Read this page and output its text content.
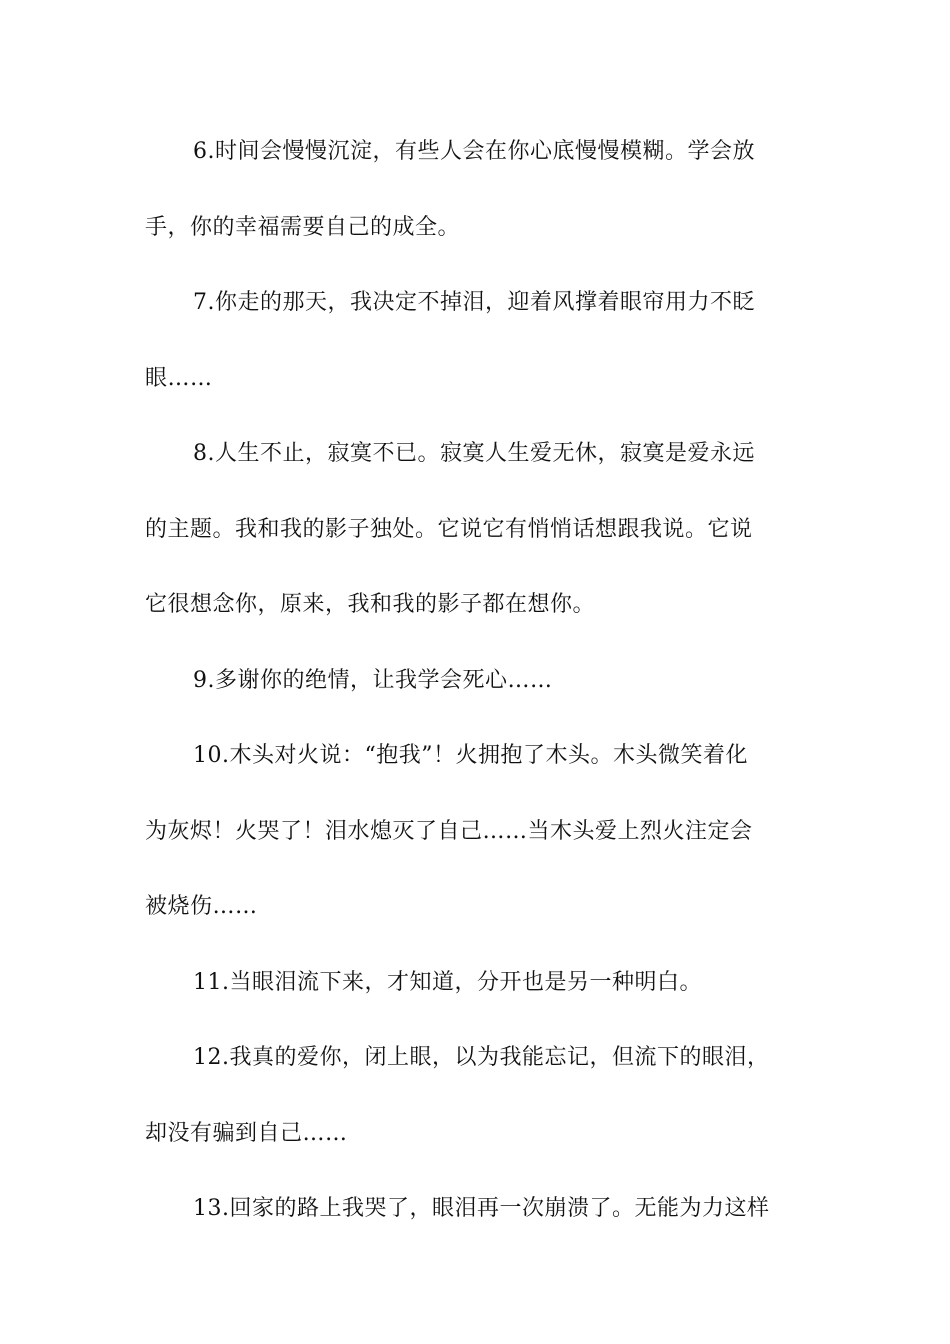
6.时间会慢慢沉淀，有些人会在你心底慢慢模糊。学会放
手，你的幸福需要自己的成全。
7.你走的那天，我决定不掉泪，迎着风撑着眼帘用力不眨
眼……
8.人生不止，寂寞不已。寂寞人生爱无休，寂寞是爱永远
的主题。我和我的影子独处。它说它有悄悄话想跟我说。它说
它很想念你，原来，我和我的影子都在想你。
9.多谢你的绝情，让我学会死心……
10.木头对火说：“抱我”！火拥抱了木头。木头微笑着化
为灰烬！火哭了！泪水熄灭了自己……当木头爱上烈火注定会
被烧伤……
11.当眼泪流下来，才知道，分开也是另一种明白。
12.我真的爱你，闭上眼，以为我能忘记，但流下的眼泪，
却没有骗到自己……
13.回家的路上我哭了，眼泪再一次崩溃了。无能为力这样
